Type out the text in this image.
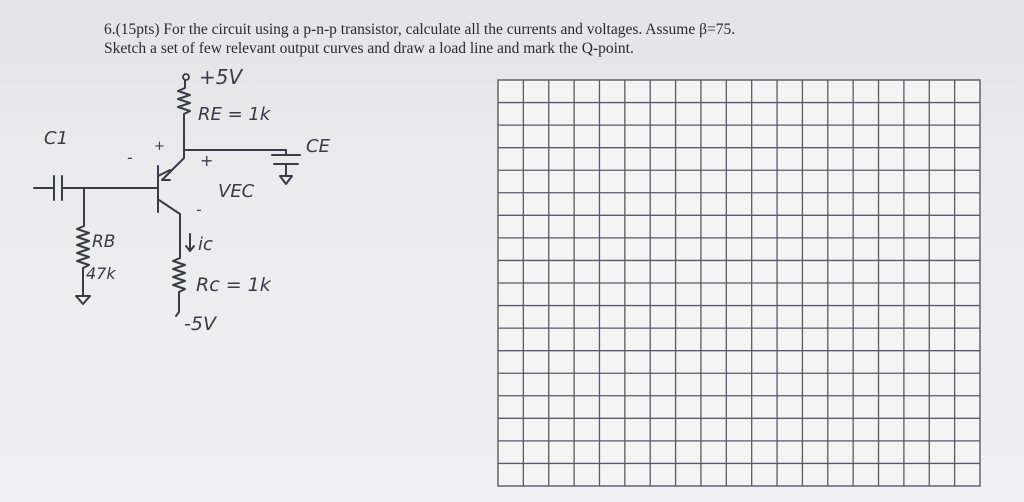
6.(15pts) For the circuit using a p-n-p transistor, calculate all the currents and voltages. Assume β=75.
Sketch a set of few relevant output curves and draw a load line and mark the Q-point.
+5V
RE = 1k
CE
+
-	+
VEC
-
C1
RB
47k
ic
Rc = 1k
-5V
